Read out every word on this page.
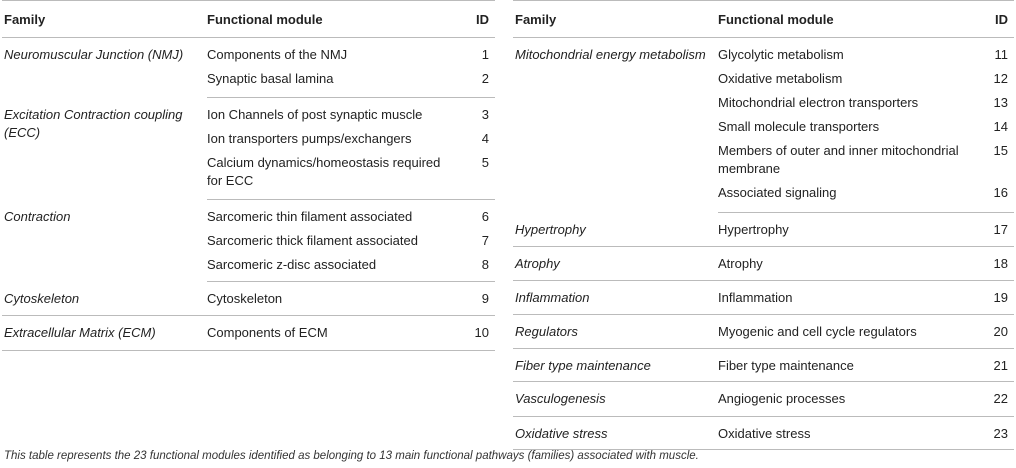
Family	Functional module	ID
Neuromuscular Junction (NMJ)	Components of the NMJ	1
	Synaptic basal lamina	2
Excitation Contraction coupling (ECC)	Ion Channels of post synaptic muscle	3
	Ion transporters pumps/exchangers	4
	Calcium dynamics/homeostasis required for ECC	5
Contraction	Sarcomeric thin filament associated	6
	Sarcomeric thick filament associated	7
	Sarcomeric z-disc associated	8
Cytoskeleton	Cytoskeleton	9
Extracellular Matrix (ECM)	Components of ECM	10
Family	Functional module	ID
Mitochondrial energy metabolism	Glycolytic metabolism	11
	Oxidative metabolism	12
	Mitochondrial electron transporters	13
	Small molecule transporters	14
	Members of outer and inner mitochondrial membrane	15
	Associated signaling	16
Hypertrophy	Hypertrophy	17
Atrophy	Atrophy	18
Inflammation	Inflammation	19
Regulators	Myogenic and cell cycle regulators	20
Fiber type maintenance	Fiber type maintenance	21
Vasculogenesis	Angiogenic processes	22
Oxidative stress	Oxidative stress	23
This table represents the 23 functional modules identified as belonging to 13 main functional pathways (families) associated with muscle.
